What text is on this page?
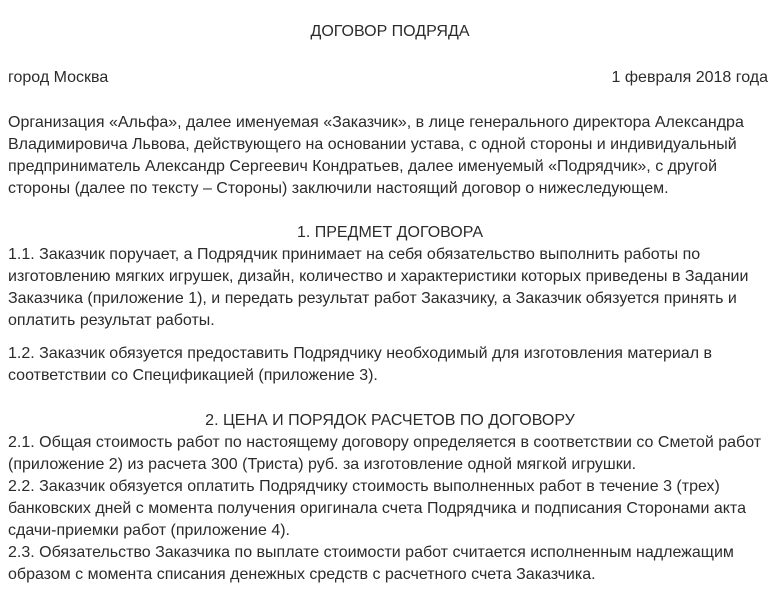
ДОГОВОР ПОДРЯДА
город Москва	1 февраля 2018 года
Организация «Альфа», далее именуемая «Заказчик», в лице генерального директора Александра
Владимировича Львова, действующего на основании устава, с одной стороны и индивидуальный
предприниматель Александр Сергеевич Кондратьев, далее именуемый «Подрядчик», с другой
стороны (далее по тексту – Стороны) заключили настоящий договор о нижеследующем.
1. ПРЕДМЕТ ДОГОВОРА
1.1. Заказчик поручает, а Подрядчик принимает на себя обязательство выполнить работы по
изготовлению мягких игрушек, дизайн, количество и характеристики которых приведены в Задании
Заказчика (приложение 1), и передать результат работ Заказчику, а Заказчик обязуется принять и
оплатить результат работы.
1.2. Заказчик обязуется предоставить Подрядчику необходимый для изготовления материал в
соответствии со Спецификацией (приложение 3).
2. ЦЕНА И ПОРЯДОК РАСЧЕТОВ ПО ДОГОВОРУ
2.1. Общая стоимость работ по настоящему договору определяется в соответствии со Сметой работ
(приложение 2) из расчета 300 (Триста) руб. за изготовление одной мягкой игрушки.
2.2. Заказчик обязуется оплатить Подрядчику стоимость выполненных работ в течение 3 (трех)
банковских дней с момента получения оригинала счета Подрядчика и подписания Сторонами акта
сдачи-приемки работ (приложение 4).
2.3. Обязательство Заказчика по выплате стоимости работ считается исполненным надлежащим
образом с момента списания денежных средств с расчетного счета Заказчика.
